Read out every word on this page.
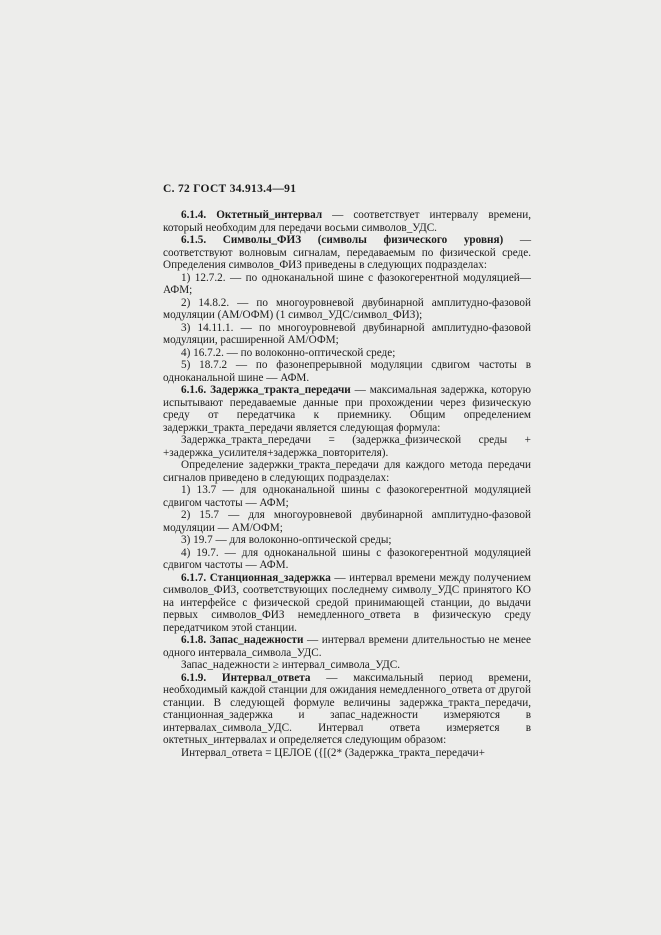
С. 72 ГОСТ 34.913.4—91

6.1.4. Октетный_интервал — соответствует интервалу времени, который необходим для передачи восьми символов_УДС.

6.1.5. Символы_ФИЗ (символы физического уровня) — соответствуют волновым сигналам, передаваемым по физической среде. Определения символов_ФИЗ приведены в следующих подразделах:

1) 12.7.2. — по одноканальной шине с фазокогерентной модуляцией—АФМ;

2) 14.8.2. — по многоуровневой двубинарной амплитудно-фазовой модуляции (АМ/ОФМ) (1 символ_УДС/символ_ФИЗ);

3) 14.11.1. — по многоуровневой двубинарной амплитудно-фазовой модуляции, расширенной АМ/ОФМ;

4) 16.7.2. — по волоконно-оптической среде;

5) 18.7.2 — по фазонепрерывной модуляции сдвигом частоты в одноканальной шине — АФМ.

6.1.6. Задержка_тракта_передачи — максимальная задержка, которую испытывают передаваемые данные при прохождении через физическую среду от передатчика к приемнику. Общим определением задержки_тракта_передачи является следующая формула:

Задержка_тракта_передачи = (задержка_физической среды + +задержка_усилителя+задержка_повторителя).

Определение задержки_тракта_передачи для каждого метода передачи сигналов приведено в следующих подразделах:

1) 13.7 — для одноканальной шины с фазокогерентной модуляцией сдвигом частоты — АФМ;

2) 15.7 — для многоуровневой двубинарной амплитудно-фазовой модуляции — АМ/ОФМ;

3) 19.7 — для волоконно-оптической среды;

4) 19.7. — для одноканальной шины с фазокогерентной модуляцией сдвигом частоты — АФМ.

6.1.7. Станционная_задержка — интервал времени между получением символов_ФИЗ, соответствующих последнему символу_УДС принятого КО на интерфейсе с физической средой принимающей станции, до выдачи первых символов_ФИЗ немедленного_ответа в физическую среду передатчиком этой станции.

6.1.8. Запас_надежности — интервал времени длительностью не менее одного интервала_символа_УДС.

Запас_надежности ≥ интервал_символа_УДС.

6.1.9. Интервал_ответа — максимальный период времени, необходимый каждой станции для ожидания немедленного_ответа от другой станции. В следующей формуле величины задержка_тракта_передачи, станционная_задержка и запас_надежности измеряются в интервалах_символа_УДС. Интервал ответа измеряется в октетных_интервалах и определяется следующим образом:

Интервал_ответа = ЦЕЛОЕ ({[(2* (Задержка_тракта_передачи+
